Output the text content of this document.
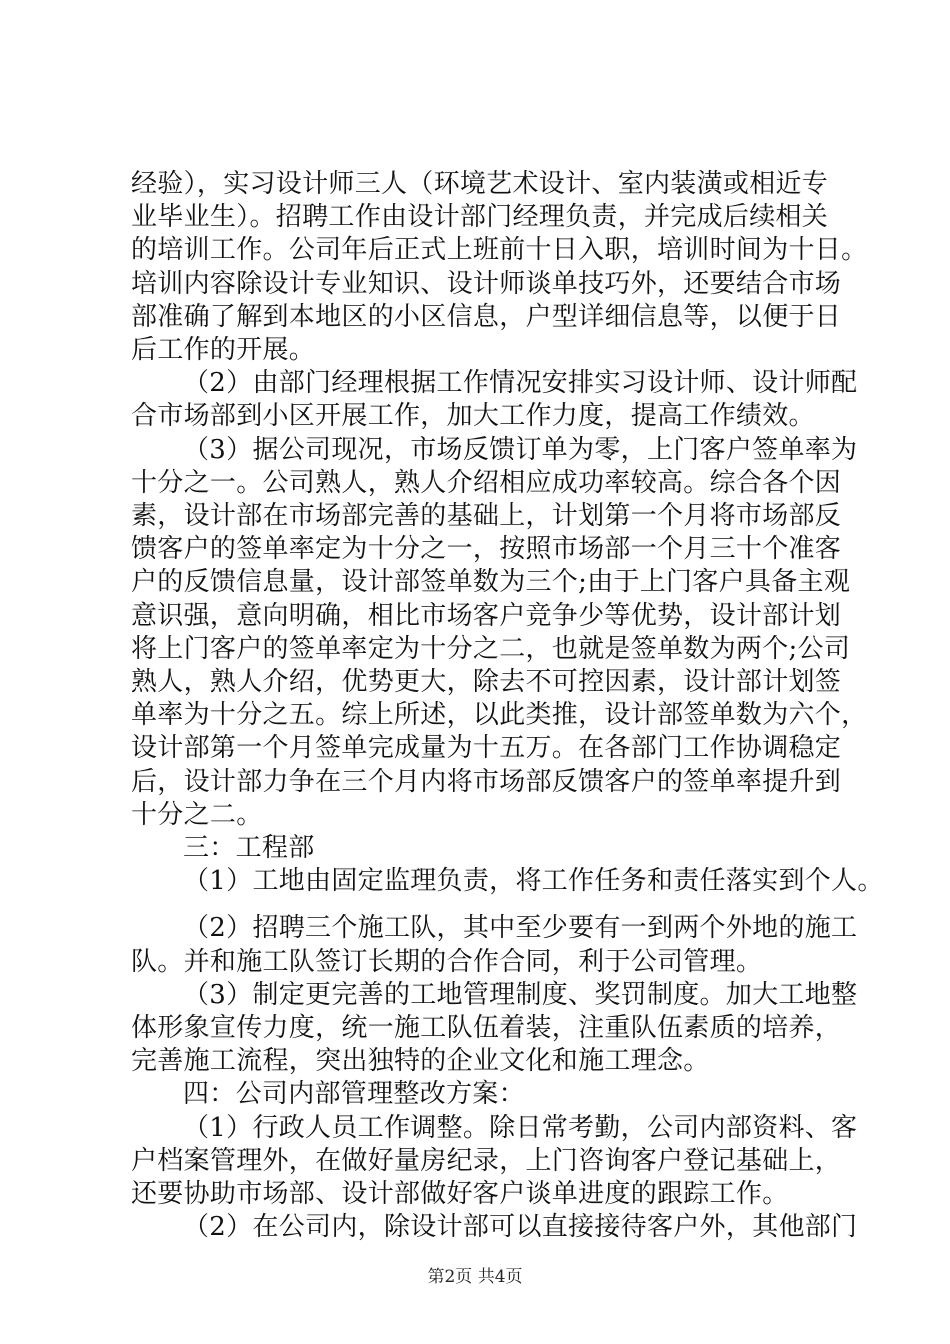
经验），实习设计师三人（环境艺术设计、室内装潢或相近专
业毕业生）。招聘工作由设计部门经理负责，并完成后续相关
的培训工作。公司年后正式上班前十日入职，培训时间为十日。
培训内容除设计专业知识、设计师谈单技巧外，还要结合市场
部准确了解到本地区的小区信息，户型详细信息等，以便于日
后工作的开展。
（2）由部门经理根据工作情况安排实习设计师、设计师配
合市场部到小区开展工作，加大工作力度，提高工作绩效。
（3）据公司现况，市场反馈订单为零，上门客户签单率为
十分之一。公司熟人，熟人介绍相应成功率较高。综合各个因
素，设计部在市场部完善的基础上，计划第一个月将市场部反
馈客户的签单率定为十分之一，按照市场部一个月三十个准客
户的反馈信息量，设计部签单数为三个;由于上门客户具备主观
意识强，意向明确，相比市场客户竞争少等优势，设计部计划
将上门客户的签单率定为十分之二，也就是签单数为两个;公司
熟人，熟人介绍，优势更大，除去不可控因素，设计部计划签
单率为十分之五。综上所述，以此类推，设计部签单数为六个，
设计部第一个月签单完成量为十五万。在各部门工作协调稳定
后，设计部力争在三个月内将市场部反馈客户的签单率提升到
十分之二。
三：工程部
（1）工地由固定监理负责，将工作任务和责任落实到个人。
（2）招聘三个施工队，其中至少要有一到两个外地的施工
队。并和施工队签订长期的合作合同，利于公司管理。
（3）制定更完善的工地管理制度、奖罚制度。加大工地整
体形象宣传力度，统一施工队伍着装，注重队伍素质的培养，
完善施工流程，突出独特的企业文化和施工理念。
四：公司内部管理整改方案：
（1）行政人员工作调整。除日常考勤，公司内部资料、客
户档案管理外，在做好量房纪录，上门咨询客户登记基础上，
还要协助市场部、设计部做好客户谈单进度的跟踪工作。
（2）在公司内，除设计部可以直接接待客户外，其他部门
第2页 共4页
